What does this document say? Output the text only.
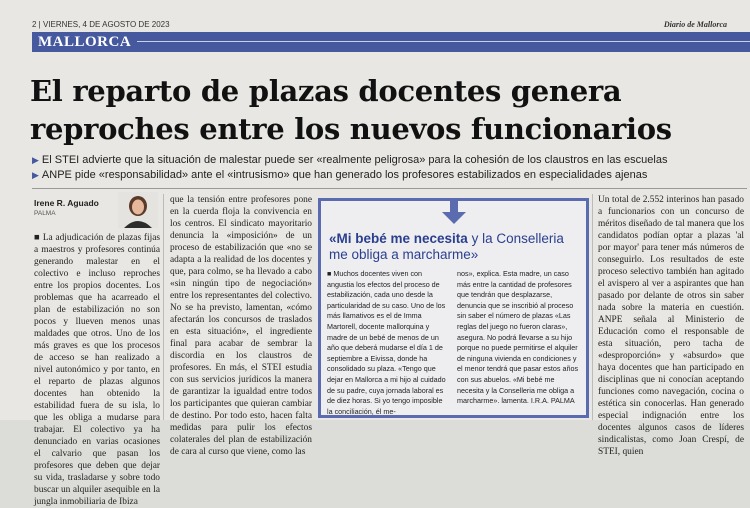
2 | VIERNES, 4 DE AGOSTO DE 2023	Diario de Mallorca
MALLORCA
El reparto de plazas docentes genera
reproches entre los nuevos funcionarios
▶ El STEI advierte que la situación de malestar puede ser «realmente peligrosa» para la cohesión de los claustros en las escuelas
▶ ANPE pide «responsabilidad» ante el «intrusismo» que han generado los profesores estabilizados en especialidades ajenas
Irene R. Aguado
PALMA

■ La adjudicación de plazas fijas a maestros y profesores continúa generando malestar en el colectivo e incluso reproches entre los propios docentes. Los problemas que ha acarreado el plan de estabilización no son pocos y llueven menos unas maldades que otros. Uno de los más graves es que los procesos de acceso se han realizado a nivel autonómico y por tanto, en el reparto de plazas algunos docentes han obtenido la estabilidad fuera de su isla, lo que les obliga a mudarse para trabajar. El colectivo ya ha denunciado en varias ocasiones el calvario que pasan los profesores que deben que dejar su vida, trasladarse y sobre todo buscar un alquiler asequible en la jungla inmobiliaria de Ibiza

que la tensión entre profesores pone en la cuerda floja la convivencia en los centros. El sindicato mayoritario denuncia la «imposición» de un proceso de estabilización que «no se adapta a la realidad de los docentes y que, para colmo, se ha llevado a cabo «sin ningún tipo de negociación» entre los representantes del colectivo. No se ha previsto, lamentan, «cómo afectarán los concursos de traslados en esta situación», el ingrediente final para acabar de sembrar la discordia en los claustros de profesores. En más, el STEI estudia con sus servicios jurídicos la manera de garantizar la igualdad entre todos los participantes que quieran cambiar de destino. Por todo esto, hacen falta medidas para pulir los efectos colaterales del plan de estabilización de cara al curso que viene, como las

«Mi bebé me necesita y la Conselleria me obliga a marcharme»
■ Muchos docentes viven con angustia los efectos del proceso de estabilización, cada uno desde la particularidad de su caso. Uno de los más llamativos es el de Imma Martorell, docente mallorquina y madre de un bebé de menos de un año que deberá mudarse el día 1 de septiembre a Eivissa, donde ha consolidado su plaza. «Tengo que dejar en Mallorca a mi hijo al cuidado de su padre, cuya jornada laboral es de diez horas. Si yo tengo imposible la conciliación, él me-
nos», explica. Esta madre, un caso más entre la cantidad de profesores que tendrán que desplazarse, denuncia que se inscribió al proceso sin saber el número de plazas «Las reglas del juego no fueron claras», asegura. No podrá llevarse a su hijo porque no puede permitirse el alquiler de ninguna vivienda en condiciones y el menor tendrá que pasar estos años con sus abuelos. «Mi bebé me necesita y la Conselleria me obliga a marcharme». lamenta. I.R.A. PALMA

Un total de 2.552 interinos han pasado a funcionarios con un concurso de méritos diseñado de tal manera que los candidatos podían optar a plazas 'al por mayor' para tener más números de conseguirlo. Los resultados de este proceso selectivo también han agitado el avispero al ver a aspirantes que han pasado por delante de otros sin saber nada sobre la materia en cuestión. ANPE señala al Ministerio de Educación como el responsable de esta situación, pero tacha de «desproporción» y «absurdo» que haya docentes que han participado en disciplinas que ni conocían aceptando funciones como navegación, cocina o estética sin conocerlas. Han generado especial indignación entre los docentes algunos casos de líderes sindicalistas, como Joan Crespí, de STEI, quien
